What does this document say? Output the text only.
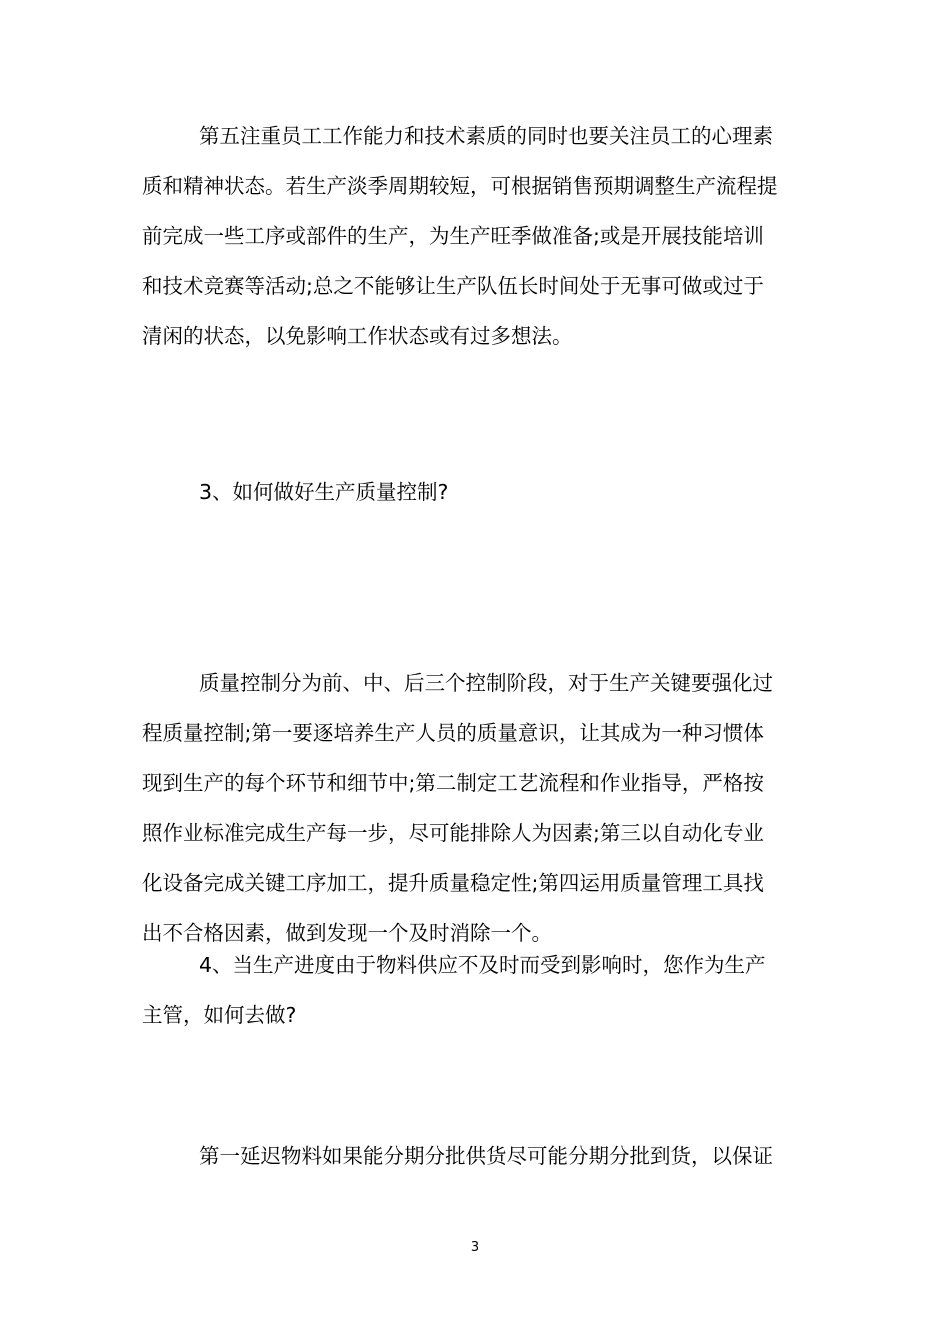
第五注重员工工作能力和技术素质的同时也要关注员工的心理素
质和精神状态。若生产淡季周期较短，可根据销售预期调整生产流程提
前完成一些工序或部件的生产，为生产旺季做准备;或是开展技能培训
和技术竞赛等活动;总之不能够让生产队伍长时间处于无事可做或过于
清闲的状态，以免影响工作状态或有过多想法。
3、如何做好生产质量控制?
质量控制分为前、中、后三个控制阶段，对于生产关键要强化过
程质量控制;第一要逐培养生产人员的质量意识，让其成为一种习惯体
现到生产的每个环节和细节中;第二制定工艺流程和作业指导，严格按
照作业标准完成生产每一步，尽可能排除人为因素;第三以自动化专业
化设备完成关键工序加工，提升质量稳定性;第四运用质量管理工具找
出不合格因素，做到发现一个及时消除一个。
4、当生产进度由于物料供应不及时而受到影响时，您作为生产
主管，如何去做?
第一延迟物料如果能分期分批供货尽可能分期分批到货，以保证
3
